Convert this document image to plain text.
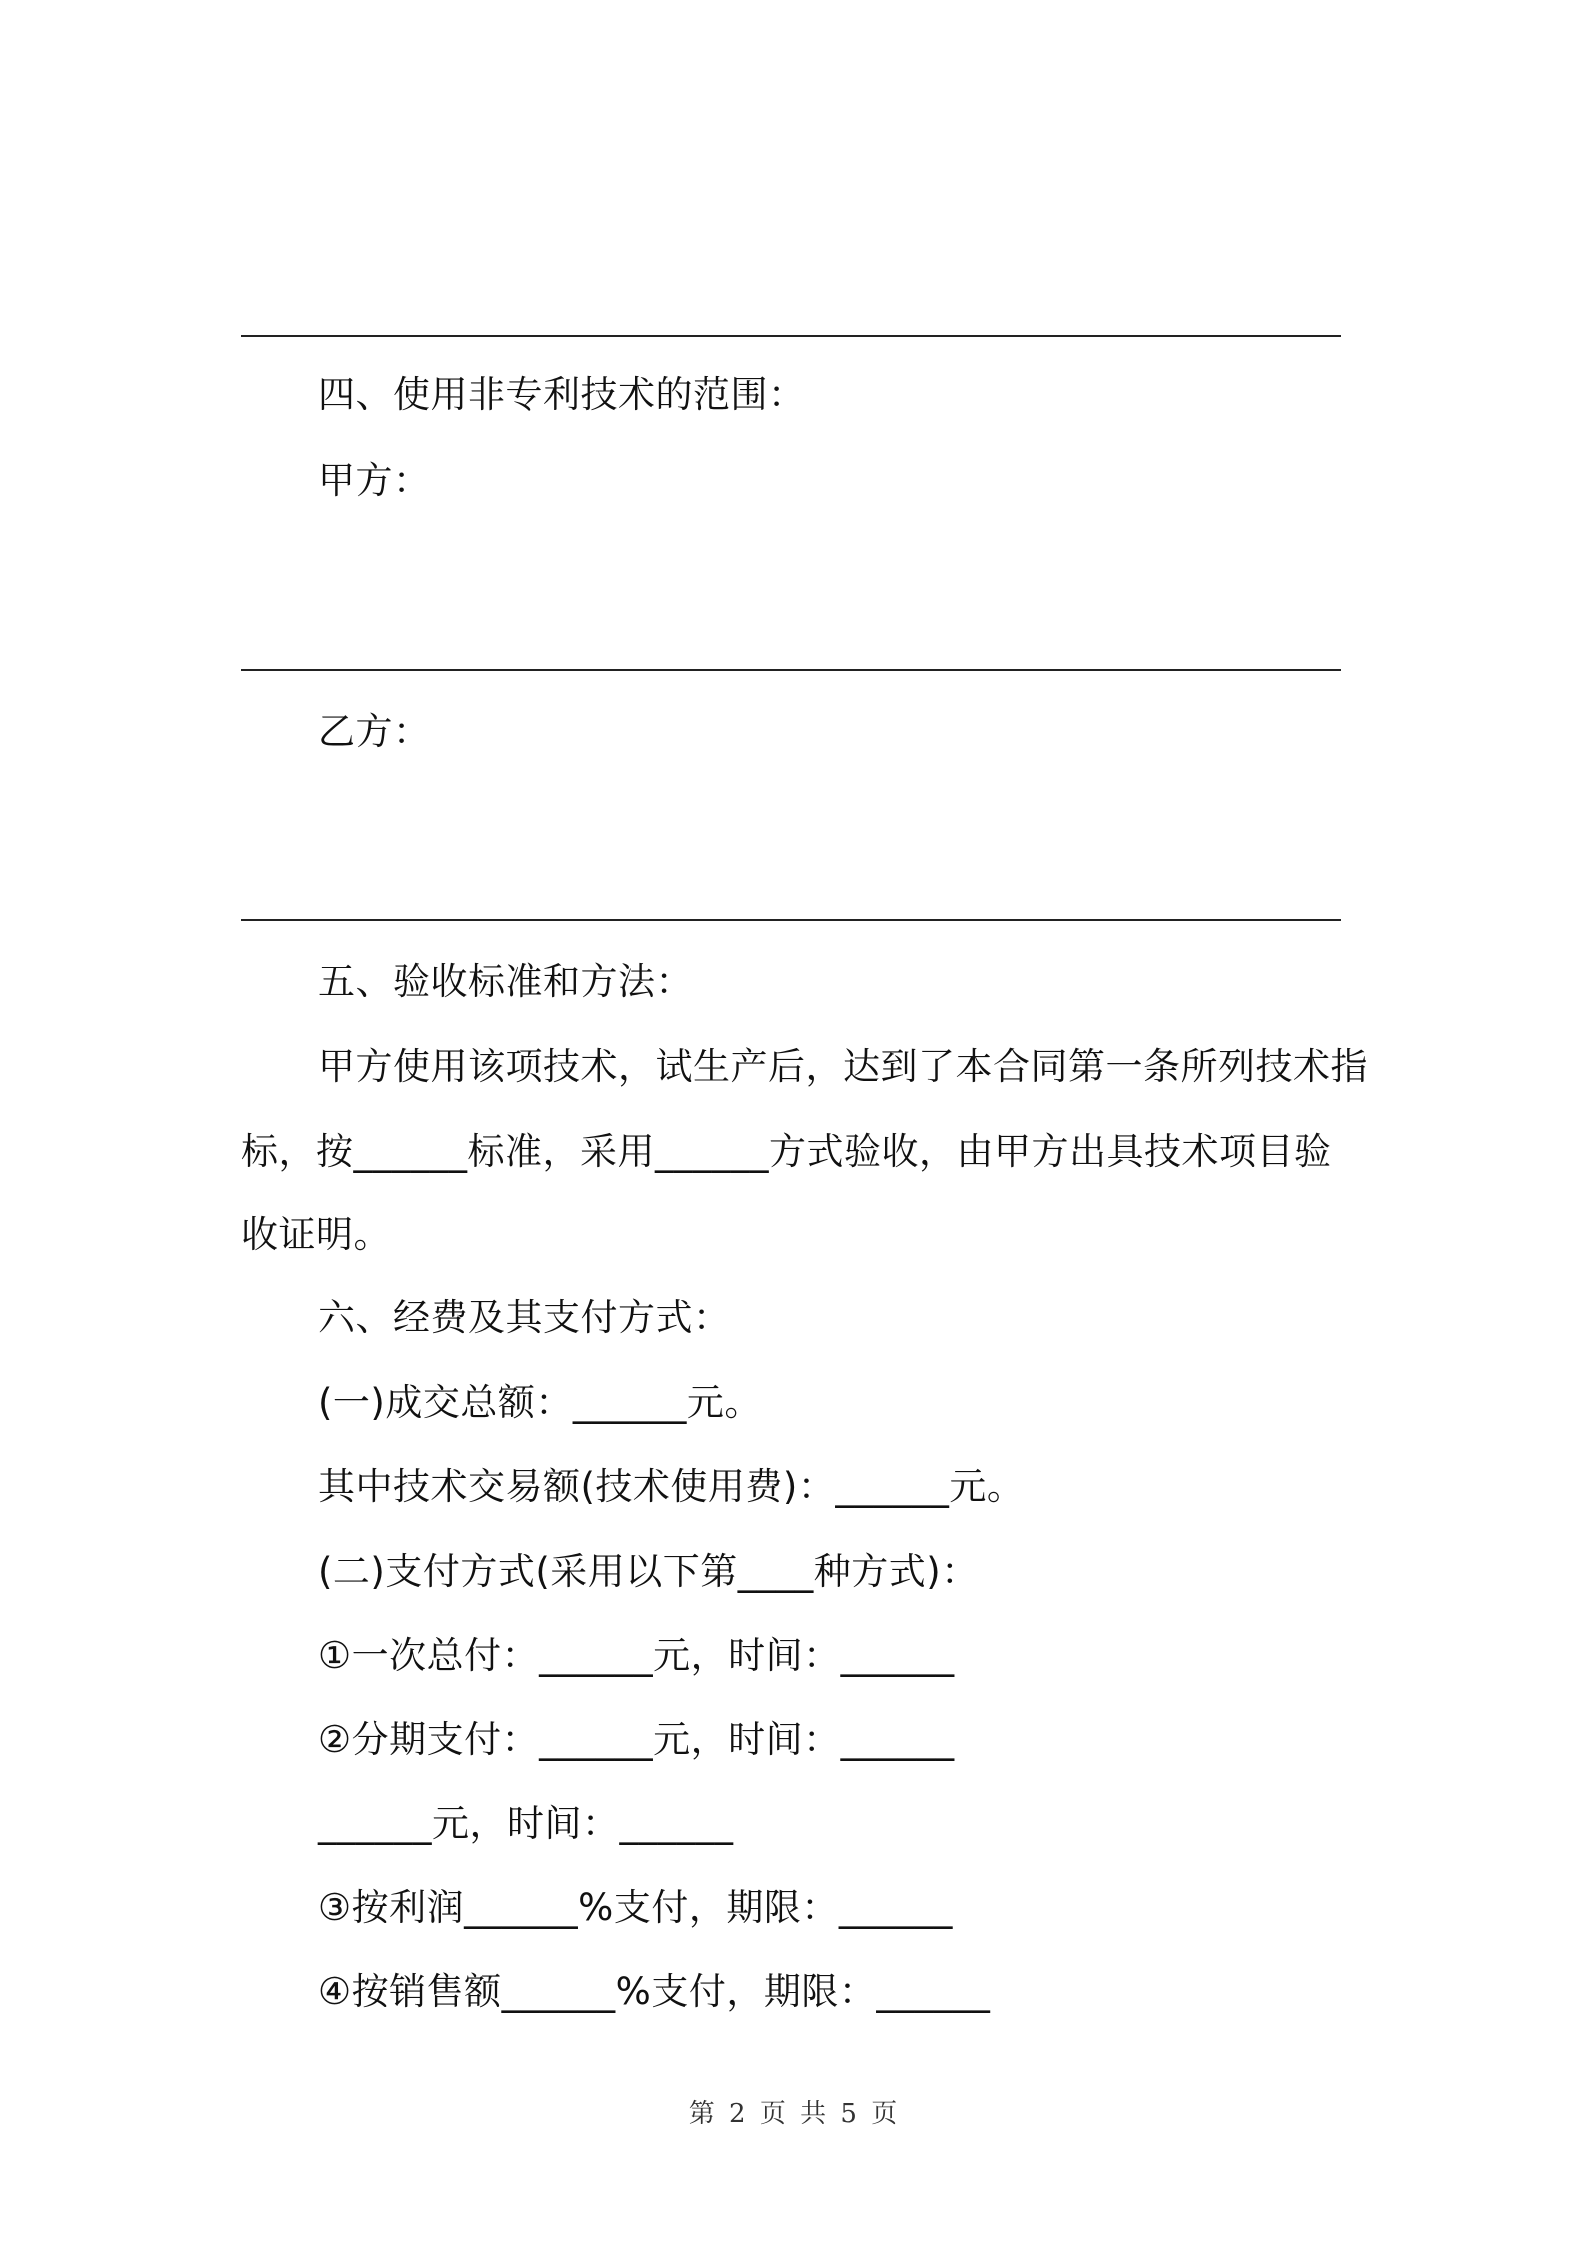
四、使用非专利技术的范围：
甲方：
乙方：
五、验收标准和方法：
甲方使用该项技术，试生产后，达到了本合同第一条所列技术指
标，按______标准，采用______方式验收，由甲方出具技术项目验
收证明。
六、经费及其支付方式：
(一)成交总额：______元。
其中技术交易额(技术使用费)：______元。
(二)支付方式(采用以下第____种方式)：
①一次总付：______元，时间：______
②分期支付：______元，时间：______
______元，时间：______
③按利润______%支付，期限：______
④按销售额______%支付，期限：______
第 2 页 共 5 页
